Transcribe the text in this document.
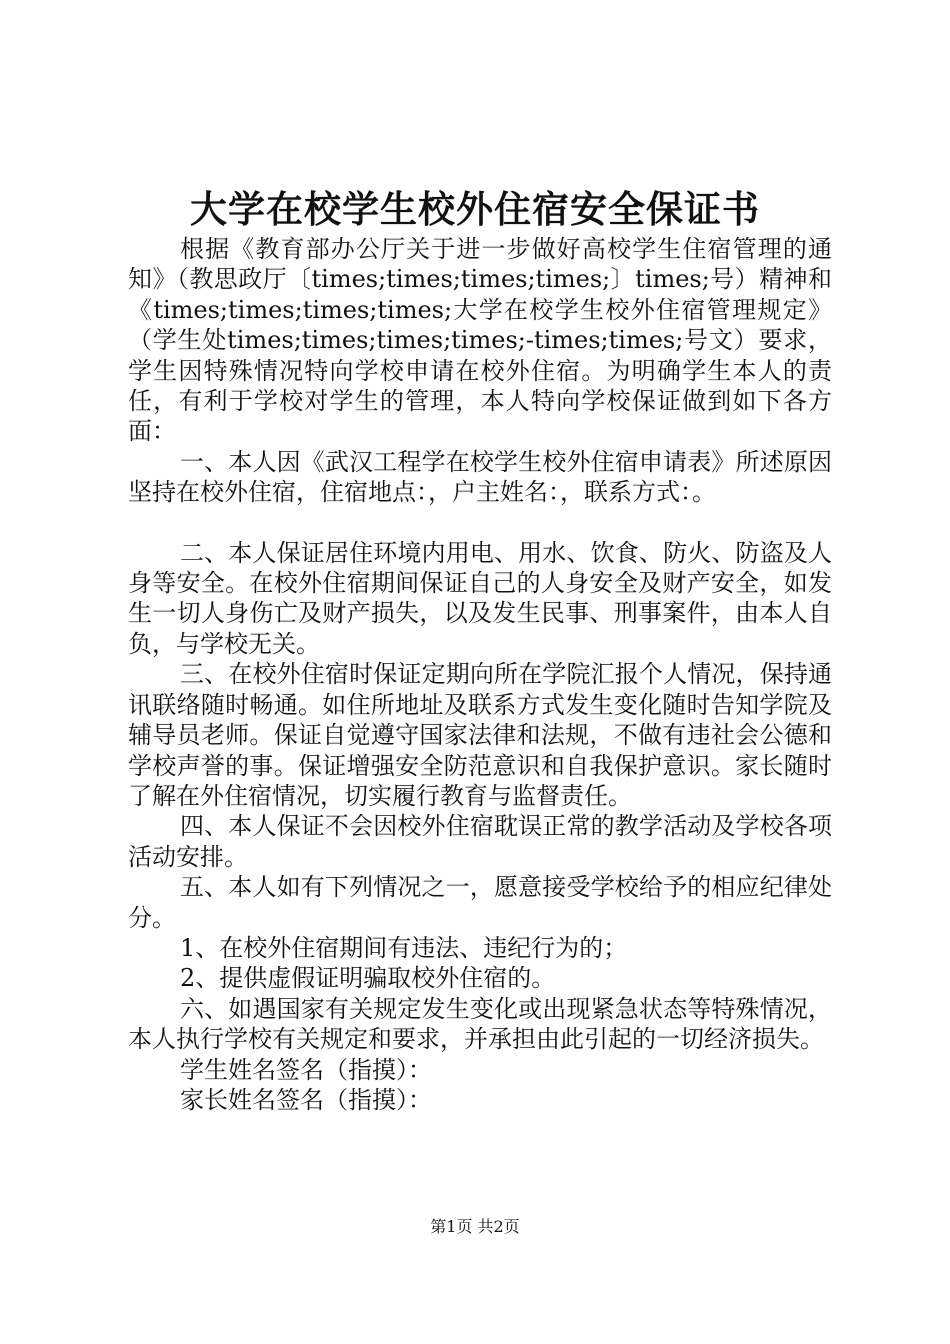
大学在校学生校外住宿安全保证书

根据《教育部办公厅关于进一步做好高校学生住宿管理的通知》（教思政厅〔times;times;times;times;〕times;号）精神和《times;times;times;times;大学在校学生校外住宿管理规定》（学生处times;times;times;times;-times;times;号文）要求，学生因特殊情况特向学校申请在校外住宿。为明确学生本人的责任，有利于学校对学生的管理，本人特向学校保证做到如下各方面：

一、本人因《武汉工程学在校学生校外住宿申请表》所述原因坚持在校外住宿，住宿地点：，户主姓名：，联系方式：。

二、本人保证居住环境内用电、用水、饮食、防火、防盗及人身等安全。在校外住宿期间保证自己的人身安全及财产安全，如发生一切人身伤亡及财产损失，以及发生民事、刑事案件，由本人自负，与学校无关。

三、在校外住宿时保证定期向所在学院汇报个人情况，保持通讯联络随时畅通。如住所地址及联系方式发生变化随时告知学院及辅导员老师。保证自觉遵守国家法律和法规，不做有违社会公德和学校声誉的事。保证增强安全防范意识和自我保护意识。家长随时了解在外住宿情况，切实履行教育与监督责任。

四、本人保证不会因校外住宿耽误正常的教学活动及学校各项活动安排。

五、本人如有下列情况之一，愿意接受学校给予的相应纪律处分。

1、在校外住宿期间有违法、违纪行为的；

2、提供虚假证明骗取校外住宿的。

六、如遇国家有关规定发生变化或出现紧急状态等特殊情况，本人执行学校有关规定和要求，并承担由此引起的一切经济损失。

学生姓名签名（指摸）：

家长姓名签名（指摸）：

第1页 共2页
